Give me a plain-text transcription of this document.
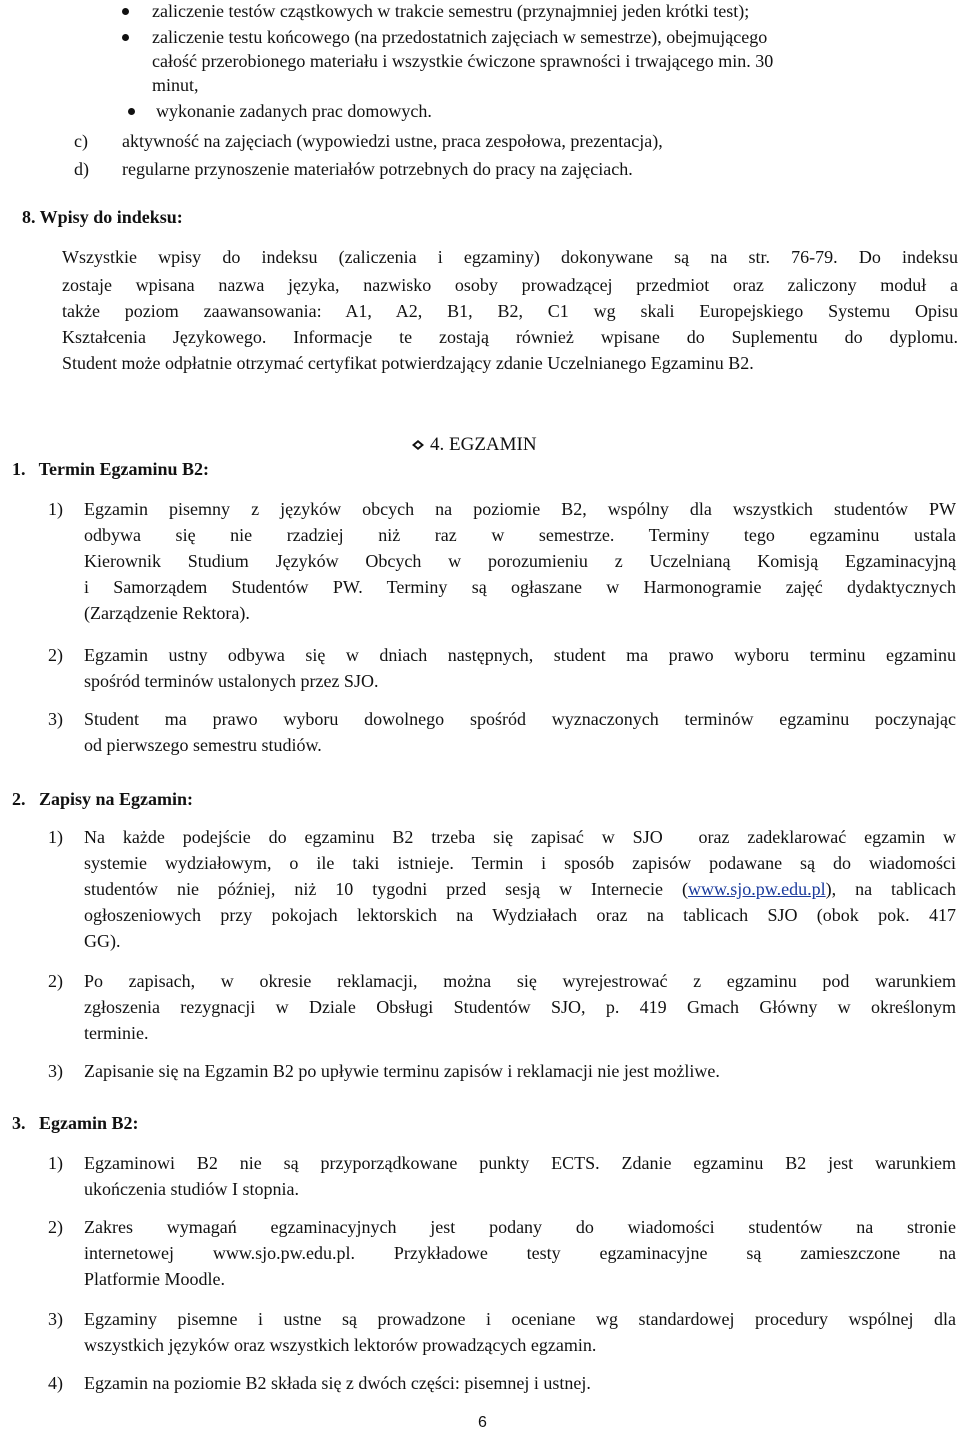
zaliczenie testów cząstkowych w trakcie semestru (przynajmniej jeden krótki test);
zaliczenie testu końcowego (na przedostatnich zajęciach w semestrze), obejmującego
całość przerobionego materiału i wszystkie ćwiczone sprawności i trwającego min. 30
minut,
wykonanie zadanych prac domowych.
c) aktywność na zajęciach (wypowiedzi ustne, praca zespołowa, prezentacja),
d) regularne przynoszenie materiałów potrzebnych do pracy na zajęciach.
8. Wpisy do indeksu:
Wszystkie wpisy do indeksu (zaliczenia i egzaminy) dokonywane są na str. 76-79. Do indeksu
zostaje wpisana nazwa języka, nazwisko osoby prowadzącej przedmiot oraz zaliczony moduł a
także poziom zaawansowania: A1, A2, B1, B2, C1 wg skali Europejskiego Systemu Opisu
Kształcenia Językowego. Informacje te zostają również wpisane do Suplementu do dyplomu.
Student może odpłatnie otrzymać certyfikat potwierdzający zdanie Uczelnianego Egzaminu B2.
4. EGZAMIN
1.   Termin Egzaminu B2:
1) Egzamin pisemny z języków obcych na poziomie B2, wspólny dla wszystkich studentów PW
odbywa się nie rzadziej niż raz w semestrze. Terminy tego egzaminu ustala
Kierownik Studium Języków Obcych w porozumieniu z Uczelnianą Komisją Egzaminacyjną
i Samorządem Studentów PW. Terminy są ogłaszane w Harmonogramie zajęć dydaktycznych
(Zarządzenie Rektora).
2) Egzamin ustny odbywa się w dniach następnych, student ma prawo wyboru terminu egzaminu
spośród terminów ustalonych przez SJO.
3) Student ma prawo wyboru dowolnego spośród wyznaczonych terminów egzaminu poczynając
od pierwszego semestru studiów.
2.   Zapisy na Egzamin:
1) Na każde podejście do egzaminu B2 trzeba się zapisać w SJO  oraz zadeklarować egzamin w
systemie wydziałowym, o ile taki istnieje. Termin i sposób zapisów podawane są do wiadomości
studentów nie później, niż 10 tygodni przed sesją w Internecie (www.sjo.pw.edu.pl), na tablicach
ogłoszeniowych przy pokojach lektorskich na Wydziałach oraz na tablicach SJO (obok pok. 417
GG).
2) Po zapisach, w okresie reklamacji, można się wyrejestrować z egzaminu pod warunkiem
zgłoszenia rezygnacji w Dziale Obsługi Studentów SJO, p. 419 Gmach Główny w określonym
terminie.
3) Zapisanie się na Egzamin B2 po upływie terminu zapisów i reklamacji nie jest możliwe.
3.   Egzamin B2:
1) Egzaminowi B2 nie są przyporządkowane punkty ECTS. Zdanie egzaminu B2 jest warunkiem
ukończenia studiów I stopnia.
2) Zakres wymagań egzaminacyjnych jest podany do wiadomości studentów na stronie
internetowej www.sjo.pw.edu.pl. Przykładowe testy egzaminacyjne są zamieszczone na
Platformie Moodle.
3) Egzaminy pisemne i ustne są prowadzone i oceniane wg standardowej procedury wspólnej dla
wszystkich języków oraz wszystkich lektorów prowadzących egzamin.
4) Egzamin na poziomie B2 składa się z dwóch części: pisemnej i ustnej.
6
